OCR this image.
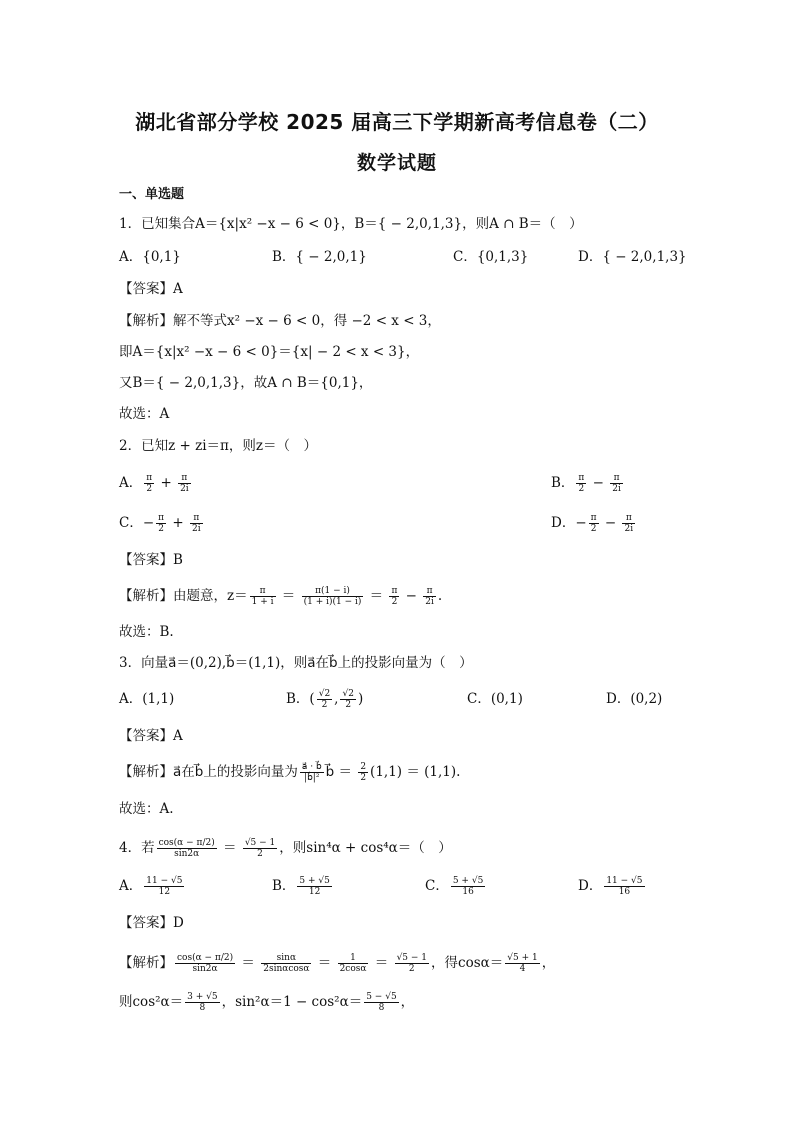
湖北省部分学校 2025 届高三下学期新高考信息卷（二）
数学试题
一、单选题
1．已知集合A＝{x|x² −x − 6 < 0}，B＝{ − 2,0,1,3}，则A ∩ B＝（　）
A．{0,1}	B．{ − 2,0,1}	C．{0,1,3}	D．{ − 2,0,1,3}
【答案】A
【解析】解不等式x² −x − 6 < 0，得 −2 < x < 3，
即A＝{x|x² −x − 6 < 0}＝{x| − 2 < x < 3}，
又B＝{ − 2,0,1,3}，故A ∩ B＝{0,1}，
故选：A
2．已知z + zi＝π，则z＝（　）
A． $\frac{\pi}{2} + \frac{\pi}{2i}$	B． $\frac{\pi}{2} - \frac{\pi}{2i}$
C．− $\frac{\pi}{2} + \frac{\pi}{2i}$	D．− $\frac{\pi}{2} - \frac{\pi}{2i}$
【答案】B
【解析】由题意，$z= \frac{\pi}{1 + i} = \frac{\pi(1 - i)}{(1 + i)(1 - i)} = \frac{\pi}{2} - \frac{\pi}{2i}$ .
故选：B.
3．向量a⃗＝(0,2),b⃗＝(1,1)，则a⃗在b⃗上的投影向量为（　）
A．(1,1)	B．( $\frac{√2}{2}$ , $\frac{√2}{2}$ )	C．(0,1)	D．(0,2)
【答案】A
【解析】a⃗在b⃗上的投影向量为 $\frac{a⃗ \cdot b⃗}{\text{|b⃗|²}}$ b⃗ ＝ $\frac{2}{2} (1,1) = (1,1)$.
故选：A.
4．若 $\frac{\cos(\alpha - \pi/2)}{\sin 2\alpha} = \frac{√5 - 1}{2}$ ，则sin⁴α + cos⁴α＝（　）
A． $\frac{11 - √5}{12}$	B． $\frac{5 + √5}{12}$	C． $\frac{5 + √5}{16}$	D． $\frac{11 - √5}{16}$
【答案】D
【解析】 $\frac{\cos(\alpha - \pi/2)}{\sin 2\alpha} = \frac{\sin\alpha}{2\sin\alpha\cos\alpha} = \frac{1}{2\cos\alpha} = \frac{√5 - 1}{2}$ ，得$\cos\alpha= \frac{√5 + 1}{4}$ ，
则$\cos^2\alpha= \frac{3 + √5}{8}$ ，$\sin^2\alpha=1 - \cos^2\alpha= \frac{5 - √5}{8}$ ，
